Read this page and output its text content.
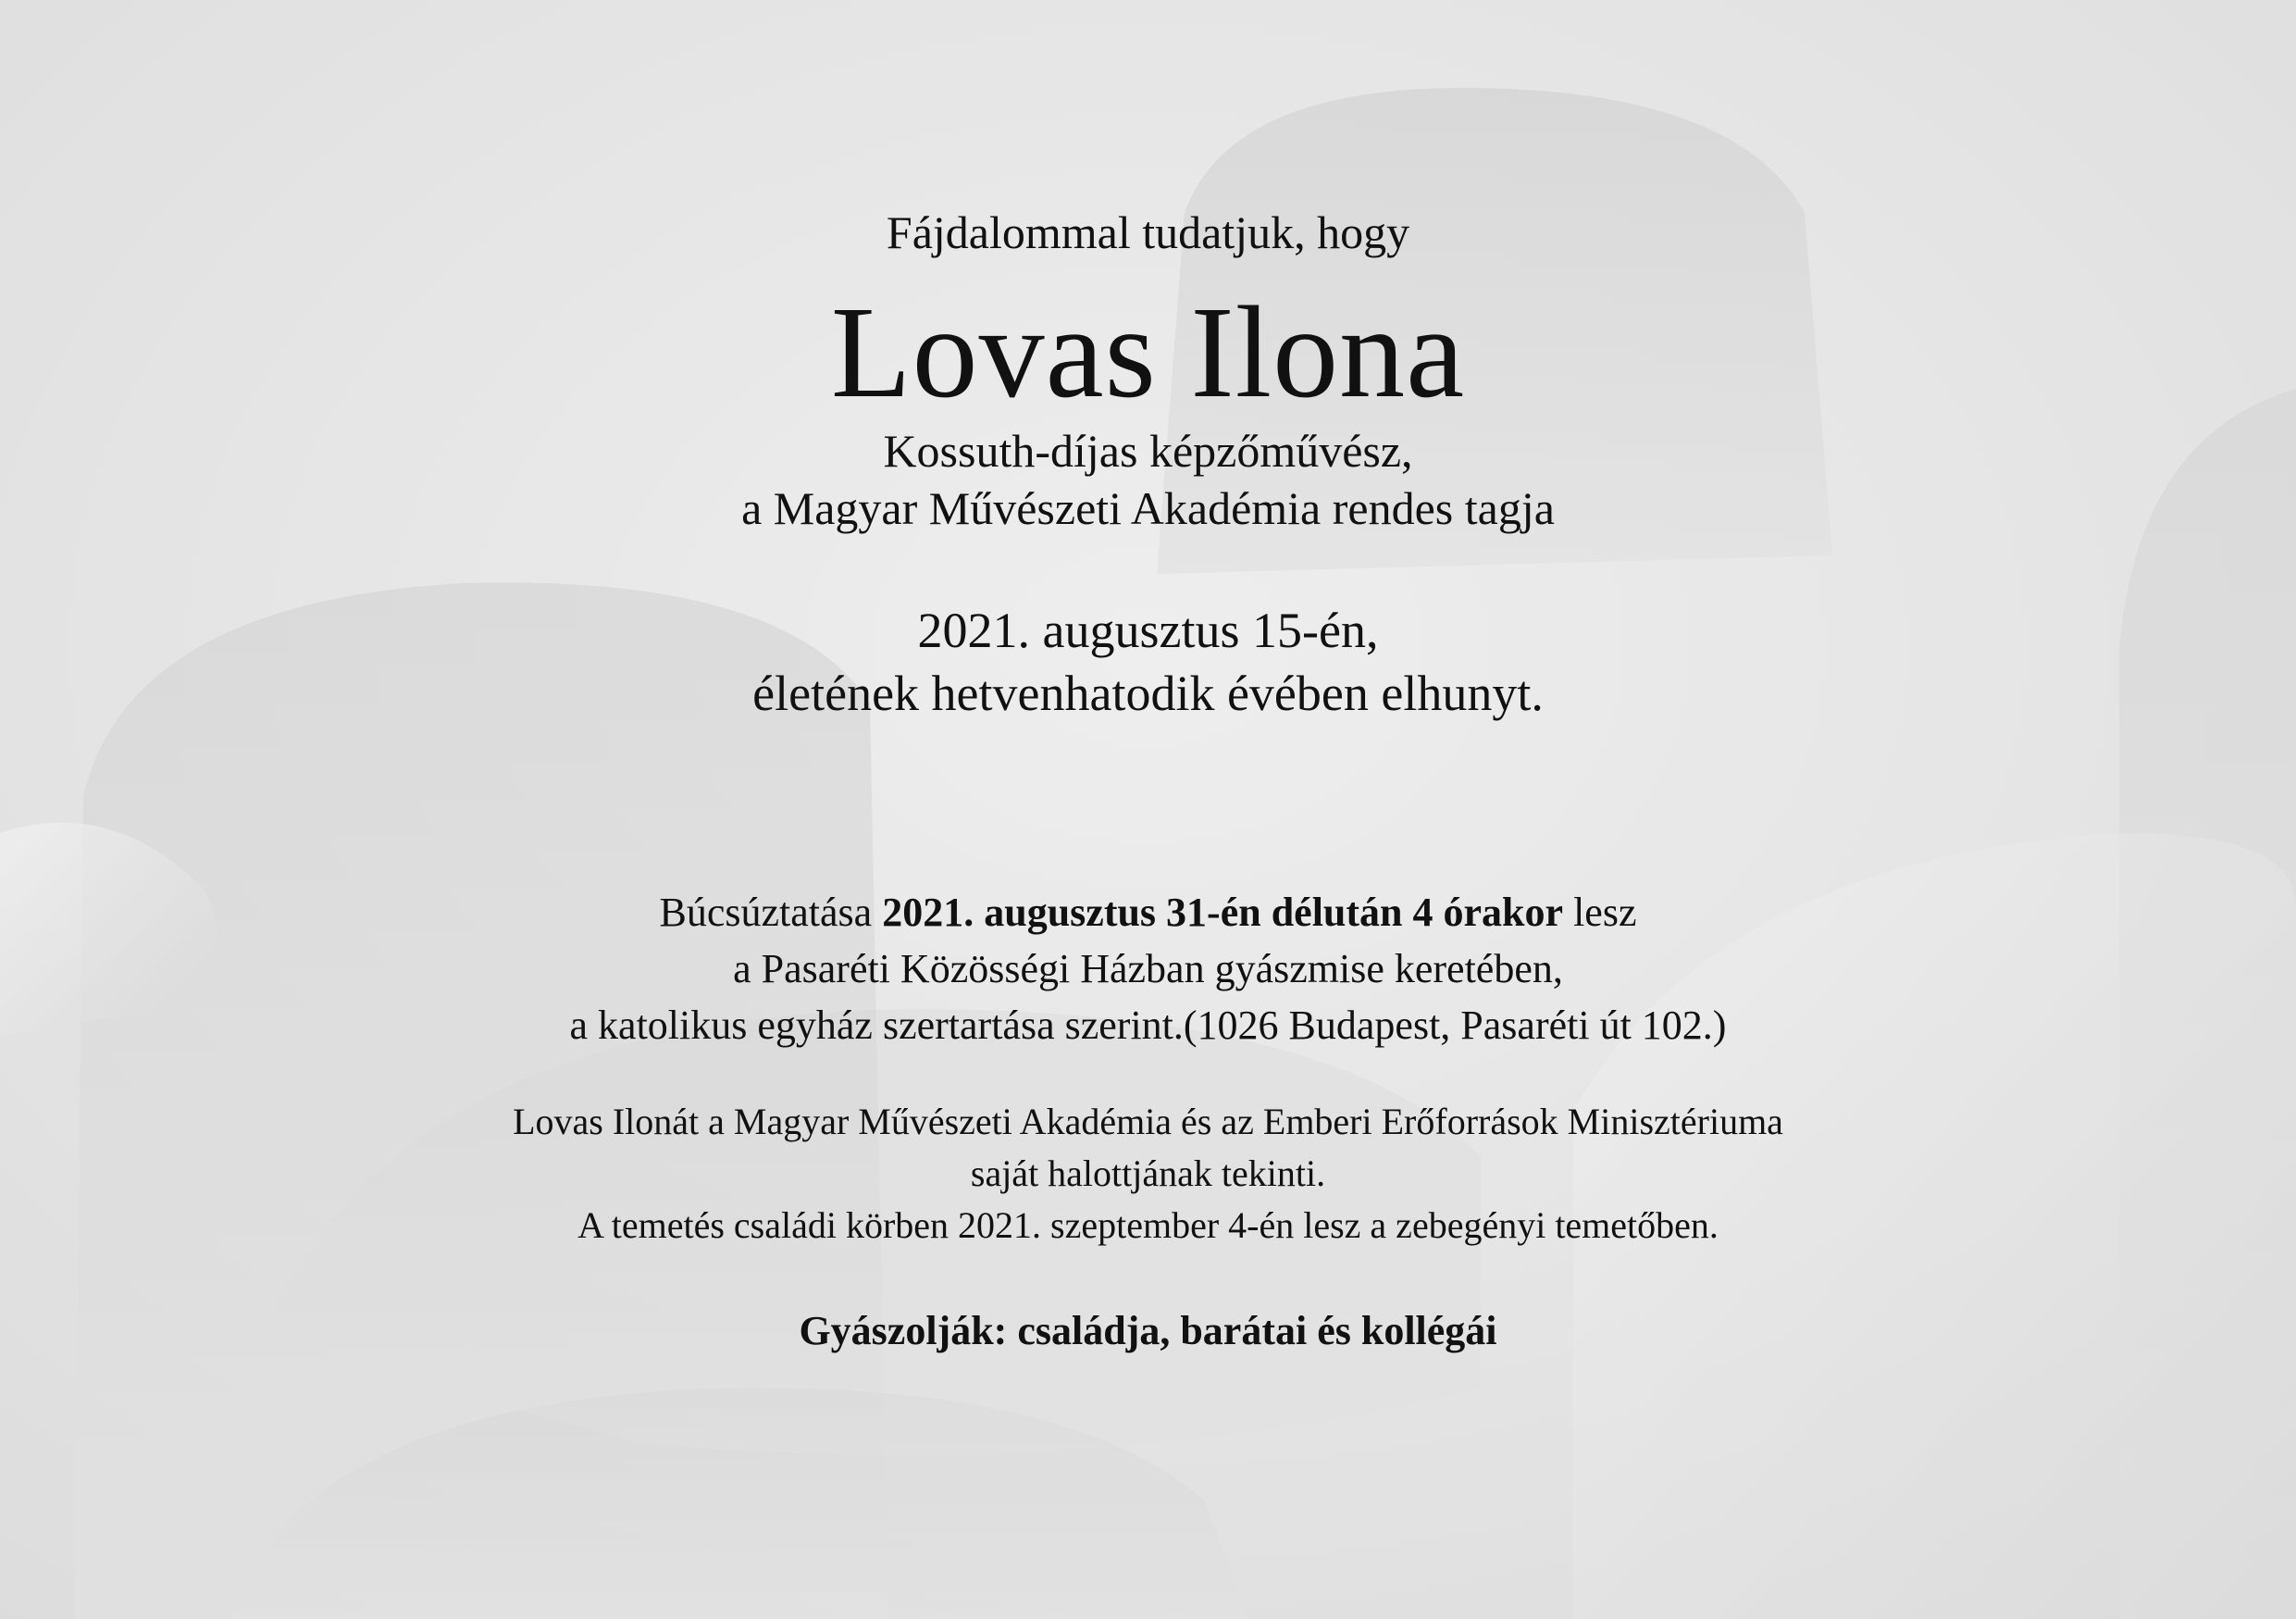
Fájdalommal tudatjuk, hogy
Lovas Ilona
Kossuth-díjas képzőművész,
a Magyar Művészeti Akadémia rendes tagja
2021. augusztus 15-én,
életének hetvenhatodik évében elhunyt.
Búcsúztatása 2021. augusztus 31-én délután 4 órakor lesz
a Pasaréti Közösségi Házban gyászmise keretében,
a katolikus egyház szertartása szerint.(1026 Budapest, Pasaréti út 102.)
Lovas Ilonát a Magyar Művészeti Akadémia és az Emberi Erőforrások Minisztériuma
saját halottjának tekinti.
A temetés családi körben 2021. szeptember 4-én lesz a zebegényi temetőben.
Gyászolják: családja, barátai és kollégái
